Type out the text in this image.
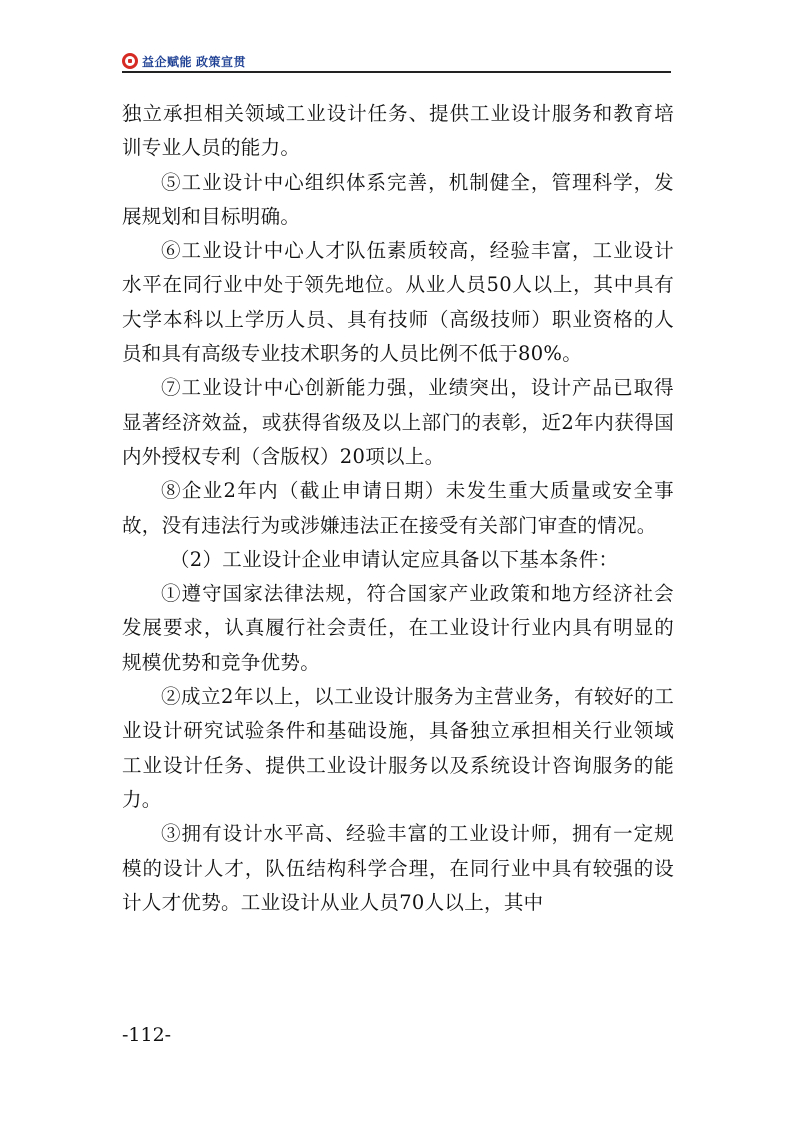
益企赋能 政策宣贯

独立承担相关领域工业设计任务、提供工业设计服务和教育培训专业人员的能力。

⑤工业设计中心组织体系完善，机制健全，管理科学，发展规划和目标明确。

⑥工业设计中心人才队伍素质较高，经验丰富，工业设计水平在同行业中处于领先地位。从业人员50人以上，其中具有大学本科以上学历人员、具有技师（高级技师）职业资格的人员和具有高级专业技术职务的人员比例不低于80%。

⑦工业设计中心创新能力强，业绩突出，设计产品已取得显著经济效益，或获得省级及以上部门的表彰，近2年内获得国内外授权专利（含版权）20项以上。

⑧企业2年内（截止申请日期）未发生重大质量或安全事故，没有违法行为或涉嫌违法正在接受有关部门审查的情况。

（2）工业设计企业申请认定应具备以下基本条件：

①遵守国家法律法规，符合国家产业政策和地方经济社会发展要求，认真履行社会责任，在工业设计行业内具有明显的规模优势和竞争优势。

②成立2年以上，以工业设计服务为主营业务，有较好的工业设计研究试验条件和基础设施，具备独立承担相关行业领域工业设计任务、提供工业设计服务以及系统设计咨询服务的能力。

③拥有设计水平高、经验丰富的工业设计师，拥有一定规模的设计人才，队伍结构科学合理，在同行业中具有较强的设计人才优势。工业设计从业人员70人以上，其中

-112-
